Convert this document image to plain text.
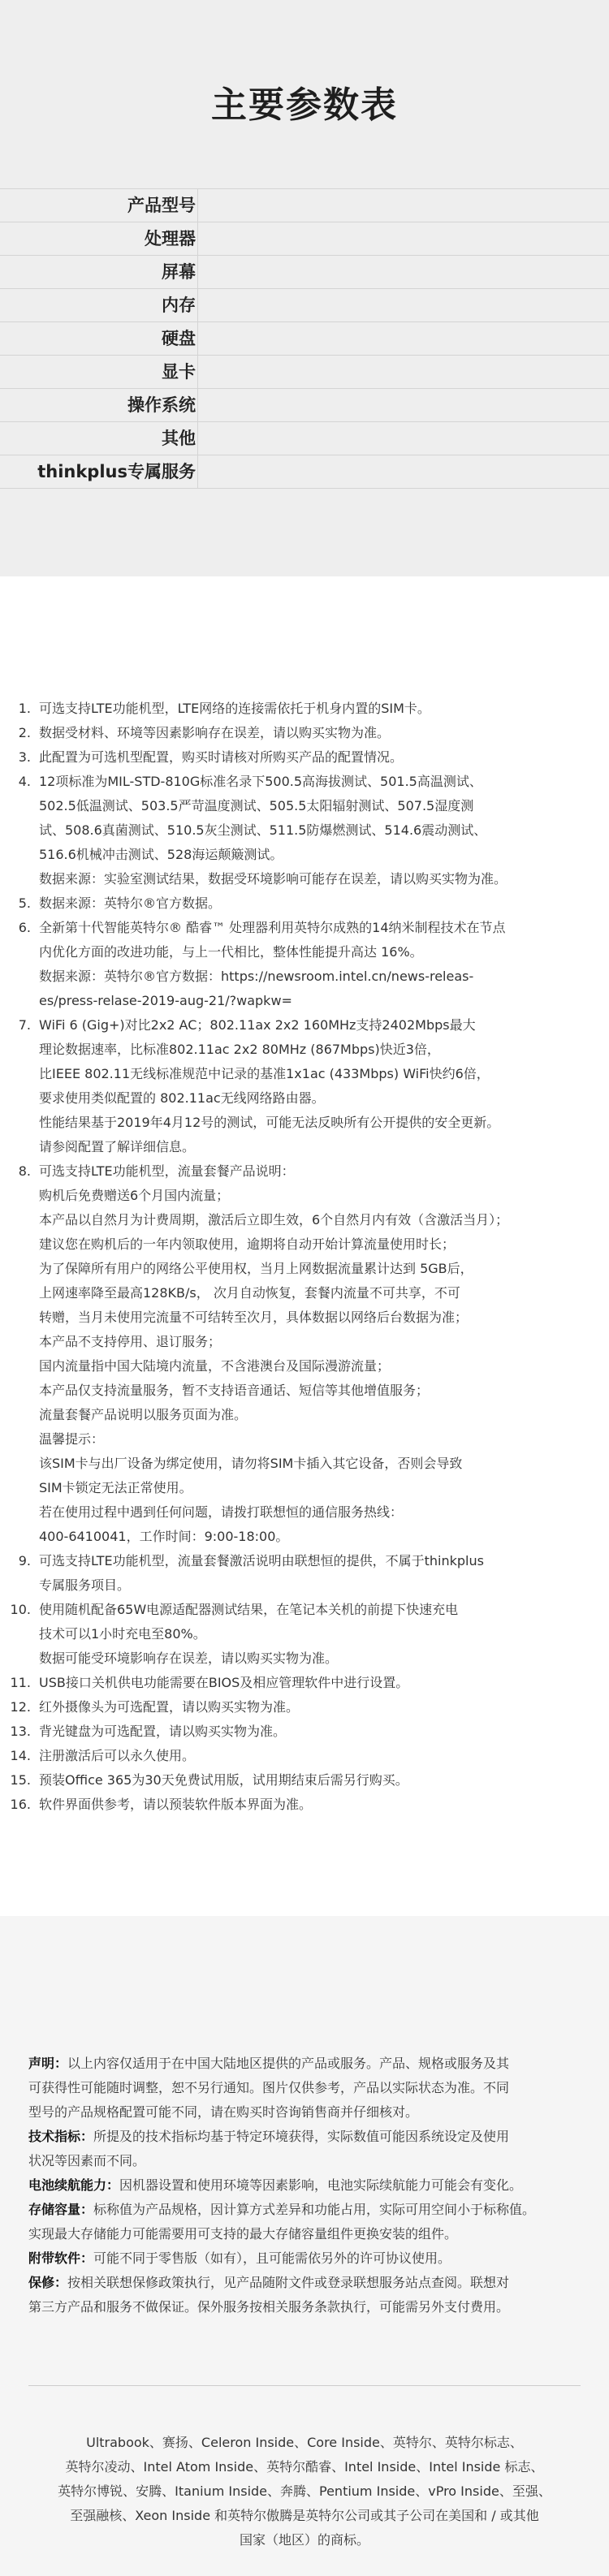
主要参数表
产品型号
处理器
屏幕
内存
硬盘
显卡
操作系统
其他
thinkplus专属服务
1. 可选支持LTE功能机型，LTE网络的连接需依托于机身内置的SIM卡。
2. 数据受材料、环境等因素影响存在误差，请以购买实物为准。
3. 此配置为可选机型配置，购买时请核对所购买产品的配置情况。
4. 12项标准为MIL-STD-810G标准名录下500.5高海拔测试、501.5高温测试、
502.5低温测试、503.5严苛温度测试、505.5太阳辐射测试、507.5湿度测
试、508.6真菌测试、510.5灰尘测试、511.5防爆燃测试、514.6震动测试、
516.6机械冲击测试、528海运颠簸测试。
数据来源：实验室测试结果，数据受环境影响可能存在误差，请以购买实物为准。
5. 数据来源：英特尔®官方数据。
6. 全新第十代智能英特尔® 酷睿™ 处理器利用英特尔成熟的14纳米制程技术在节点
内优化方面的改进功能，与上一代相比，整体性能提升高达 16%。
数据来源：英特尔®官方数据：https://newsroom.intel.cn/news-releas-
es/press-relase-2019-aug-21/?wapkw=
7. WiFi 6 (Gig+)对比2x2 AC；802.11ax 2x2 160MHz支持2402Mbps最大
理论数据速率，比标准802.11ac 2x2 80MHz (867Mbps)快近3倍，
比IEEE 802.11无线标准规范中记录的基准1x1ac (433Mbps) WiFi快约6倍，
要求使用类似配置的 802.11ac无线网络路由器。
性能结果基于2019年4月12号的测试，可能无法反映所有公开提供的安全更新。
请参阅配置了解详细信息。
8. 可选支持LTE功能机型，流量套餐产品说明：
购机后免费赠送6个月国内流量；
本产品以自然月为计费周期，激活后立即生效，6个自然月内有效（含激活当月）；
建议您在购机后的一年内领取使用，逾期将自动开始计算流量使用时长；
为了保障所有用户的网络公平使用权，当月上网数据流量累计达到 5GB后，
上网速率降至最高128KB/s， 次月自动恢复，套餐内流量不可共享，不可
转赠，当月未使用完流量不可结转至次月，具体数据以网络后台数据为准；
本产品不支持停用、退订服务；
国内流量指中国大陆境内流量，不含港澳台及国际漫游流量；
本产品仅支持流量服务，暂不支持语音通话、短信等其他增值服务；
流量套餐产品说明以服务页面为准。
温馨提示：
该SIM卡与出厂设备为绑定使用，请勿将SIM卡插入其它设备，否则会导致
SIM卡锁定无法正常使用。
若在使用过程中遇到任何问题，请拨打联想恒的通信服务热线：
400-6410041，工作时间：9:00-18:00。
9. 可选支持LTE功能机型，流量套餐激活说明由联想恒的提供，不属于thinkplus
专属服务项目。
10. 使用随机配备65W电源适配器测试结果，在笔记本关机的前提下快速充电
技术可以1小时充电至80%。
数据可能受环境影响存在误差，请以购买实物为准。
11. USB接口关机供电功能需要在BIOS及相应管理软件中进行设置。
12. 红外摄像头为可选配置，请以购买实物为准。
13. 背光键盘为可选配置，请以购买实物为准。
14. 注册激活后可以永久使用。
15. 预装Office 365为30天免费试用版，试用期结束后需另行购买。
16. 软件界面供参考，请以预装软件版本界面为准。
声明：以上内容仅适用于在中国大陆地区提供的产品或服务。产品、规格或服务及其
可获得性可能随时调整，恕不另行通知。图片仅供参考，产品以实际状态为准。不同
型号的产品规格配置可能不同，请在购买时咨询销售商并仔细核对。
技术指标：所提及的技术指标均基于特定环境获得，实际数值可能因系统设定及使用
状况等因素而不同。
电池续航能力：因机器设置和使用环境等因素影响，电池实际续航能力可能会有变化。
存储容量：标称值为产品规格，因计算方式差异和功能占用，实际可用空间小于标称值。
实现最大存储能力可能需要用可支持的最大存储容量组件更换安装的组件。
附带软件：可能不同于零售版（如有），且可能需依另外的许可协议使用。
保修：按相关联想保修政策执行，见产品随附文件或登录联想服务站点查阅。联想对
第三方产品和服务不做保证。保外服务按相关服务条款执行，可能需另外支付费用。
Ultrabook、赛扬、Celeron Inside、Core Inside、英特尔、英特尔标志、
英特尔凌动、Intel Atom Inside、英特尔酷睿、Intel Inside、Intel Inside 标志、
英特尔博锐、安腾、Itanium Inside、奔腾、Pentium Inside、vPro Inside、至强、
至强融核、Xeon Inside 和英特尔傲腾是英特尔公司或其子公司在美国和 / 或其他
国家（地区）的商标。
